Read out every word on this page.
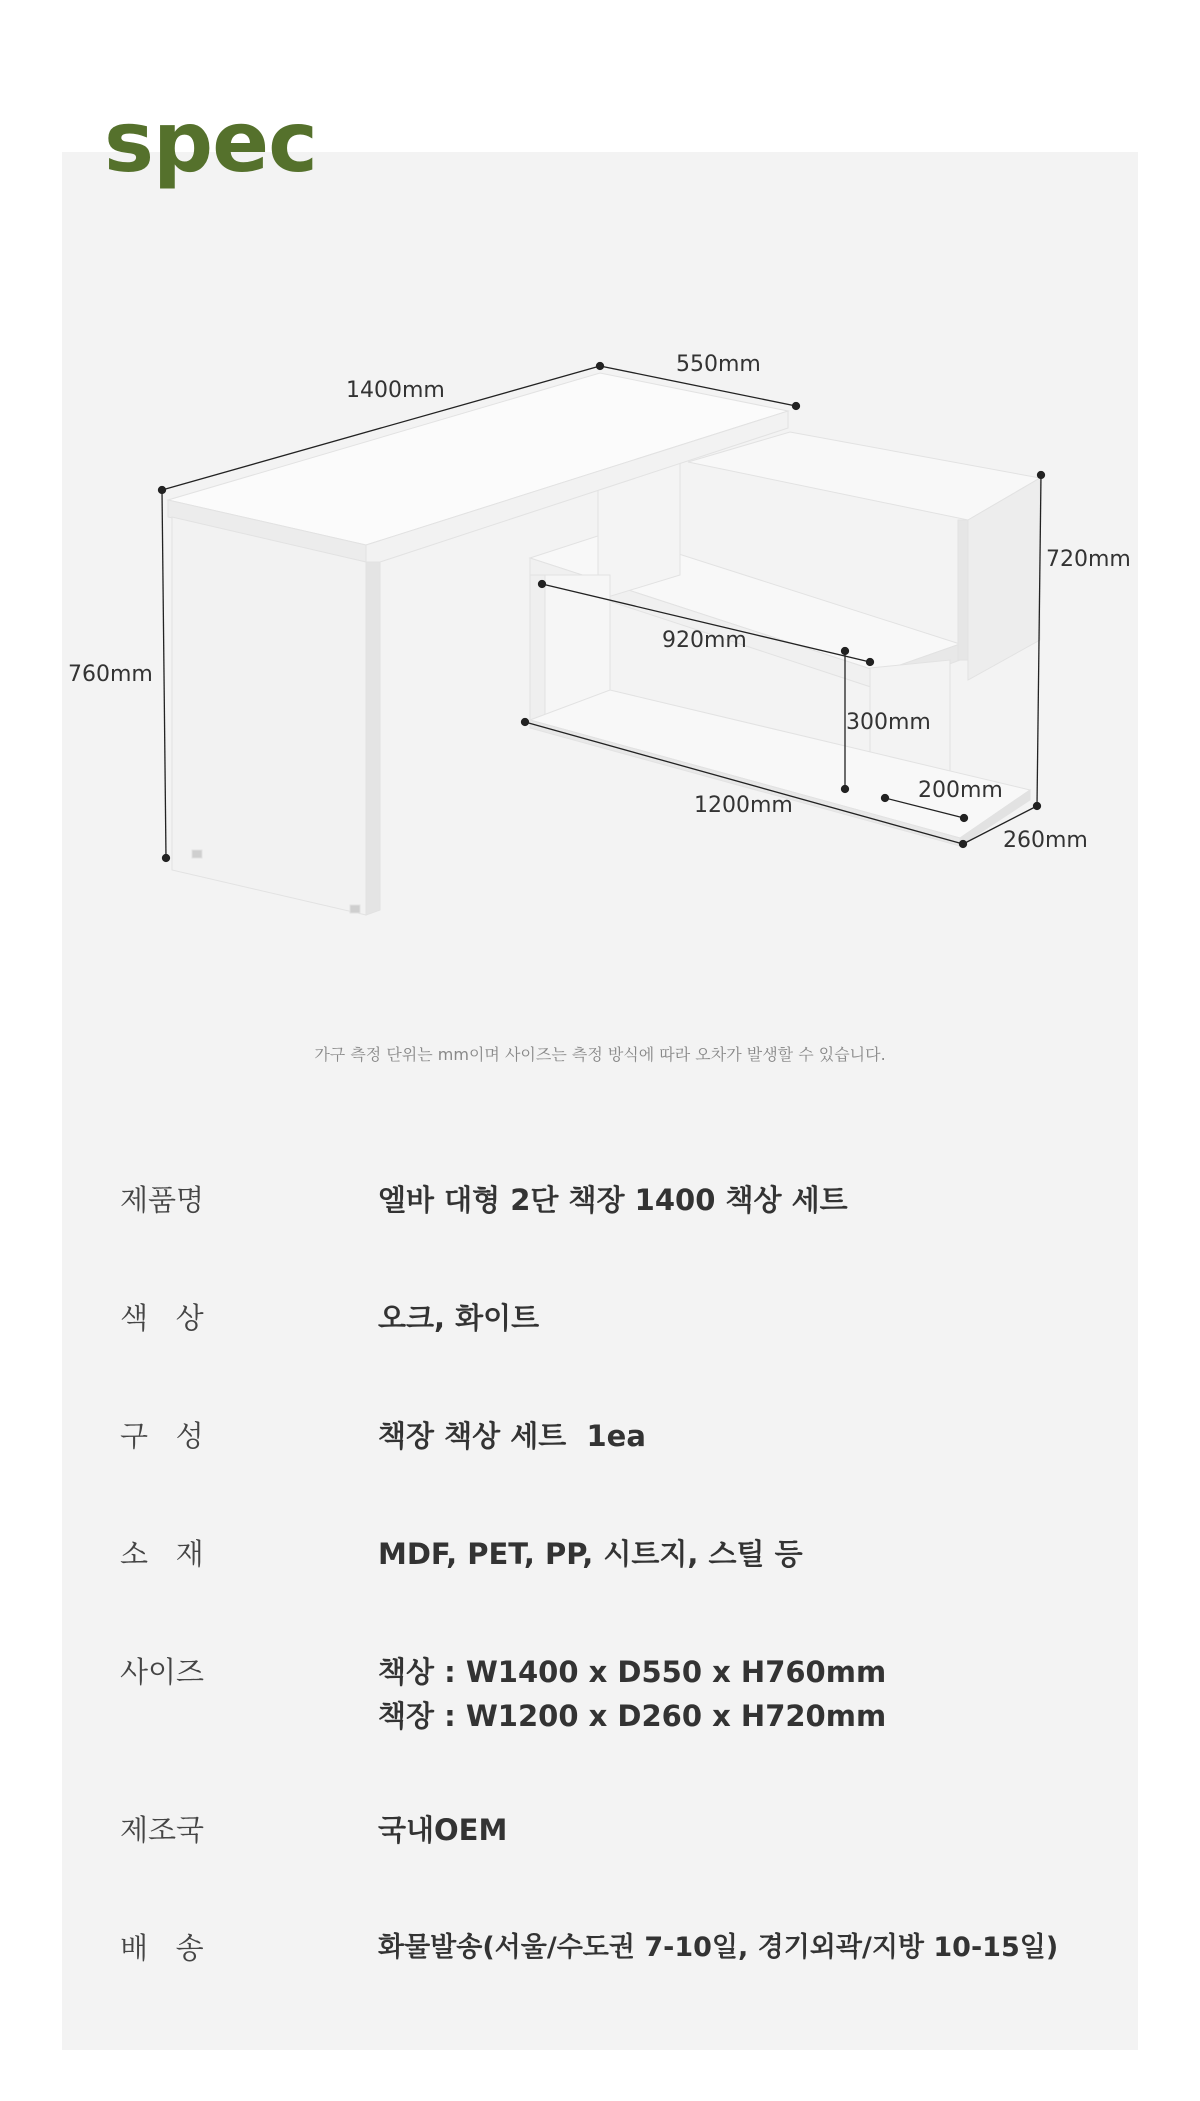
spec
1400mm
550mm
760mm
720mm
920mm
300mm
1200mm
200mm
260mm
가구 측정 단위는 mm이며 사이즈는 측정 방식에 따라 오차가 발생할 수 있습니다.
제품명	엘바 대형 2단 책장 1400 책상 세트
색   상	오크, 화이트
구   성	책장 책상 세트  1ea
소   재	MDF, PET, PP, 시트지, 스틸 등
사이즈	책상 : W1400 x D550 x H760mm
책장 : W1200 x D260 x H720mm
제조국	국내OEM
배   송	화물발송(서울/수도권 7-10일, 경기외곽/지방 10-15일)
